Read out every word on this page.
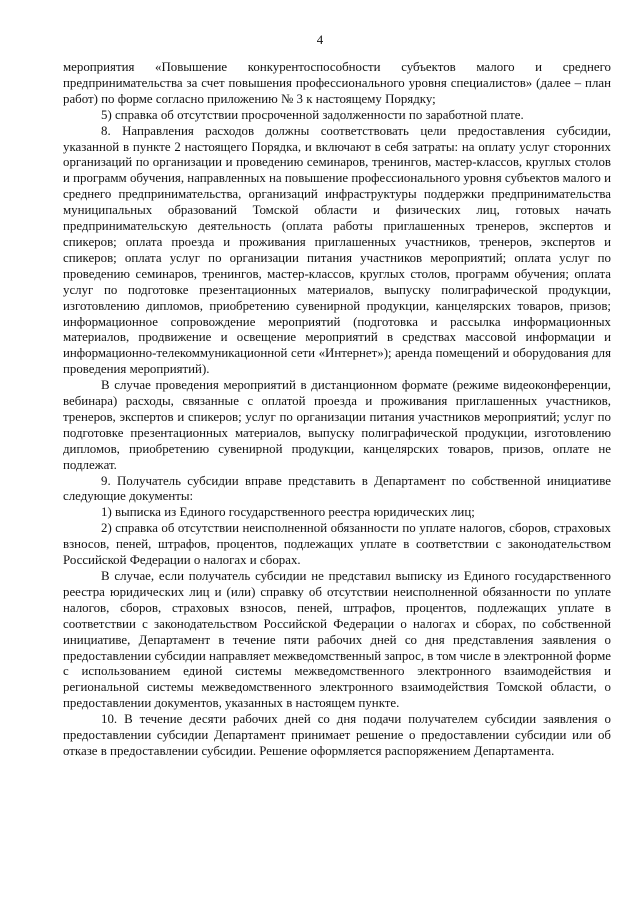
4

мероприятия «Повышение конкурентоспособности субъектов малого и среднего предпринимательства за счет повышения профессионального уровня специалистов» (далее – план работ) по форме согласно приложению № 3 к настоящему Порядку;

5) справка об отсутствии просроченной задолженности по заработной плате.

8. Направления расходов должны соответствовать цели предоставления субсидии, указанной в пункте 2 настоящего Порядка, и включают в себя затраты: на оплату услуг сторонних организаций по организации и проведению семинаров, тренингов, мастер-классов, круглых столов и программ обучения, направленных на повышение профессионального уровня субъектов малого и среднего предпринимательства, организаций инфраструктуры поддержки предпринимательства муниципальных образований Томской области и физических лиц, готовых начать предпринимательскую деятельность (оплата работы приглашенных тренеров, экспертов и спикеров; оплата проезда и проживания приглашенных участников, тренеров, экспертов и спикеров; оплата услуг по организации питания участников мероприятий; оплата услуг по проведению семинаров, тренингов, мастер-классов, круглых столов, программ обучения; оплата услуг по подготовке презентационных материалов, выпуску полиграфической продукции, изготовлению дипломов, приобретению сувенирной продукции, канцелярских товаров, призов; информационное сопровождение мероприятий (подготовка и рассылка информационных материалов, продвижение и освещение мероприятий в средствах массовой информации и информационно-телекоммуникационной сети «Интернет»); аренда помещений и оборудования для проведения мероприятий).

В случае проведения мероприятий в дистанционном формате (режиме видеоконференции, вебинара) расходы, связанные с оплатой проезда и проживания приглашенных участников, тренеров, экспертов и спикеров; услуг по организации питания участников мероприятий; услуг по подготовке презентационных материалов, выпуску полиграфической продукции, изготовлению дипломов, приобретению сувенирной продукции, канцелярских товаров, призов, оплате не подлежат.

9. Получатель субсидии вправе представить в Департамент по собственной инициативе следующие документы:

1) выписка из Единого государственного реестра юридических лиц;

2) справка об отсутствии неисполненной обязанности по уплате налогов, сборов, страховых взносов, пеней, штрафов, процентов, подлежащих уплате в соответствии с законодательством Российской Федерации о налогах и сборах.

В случае, если получатель субсидии не представил выписку из Единого государственного реестра юридических лиц и (или) справку об отсутствии неисполненной обязанности по уплате налогов, сборов, страховых взносов, пеней, штрафов, процентов, подлежащих уплате в соответствии с законодательством Российской Федерации о налогах и сборах, по собственной инициативе, Департамент в течение пяти рабочих дней со дня представления заявления о предоставлении субсидии направляет межведомственный запрос, в том числе в электронной форме с использованием единой системы межведомственного электронного взаимодействия и региональной системы межведомственного электронного взаимодействия Томской области, о предоставлении документов, указанных в настоящем пункте.

10. В течение десяти рабочих дней со дня подачи получателем субсидии заявления о предоставлении субсидии Департамент принимает решение о предоставлении субсидии или об отказе в предоставлении субсидии. Решение оформляется распоряжением Департамента.
